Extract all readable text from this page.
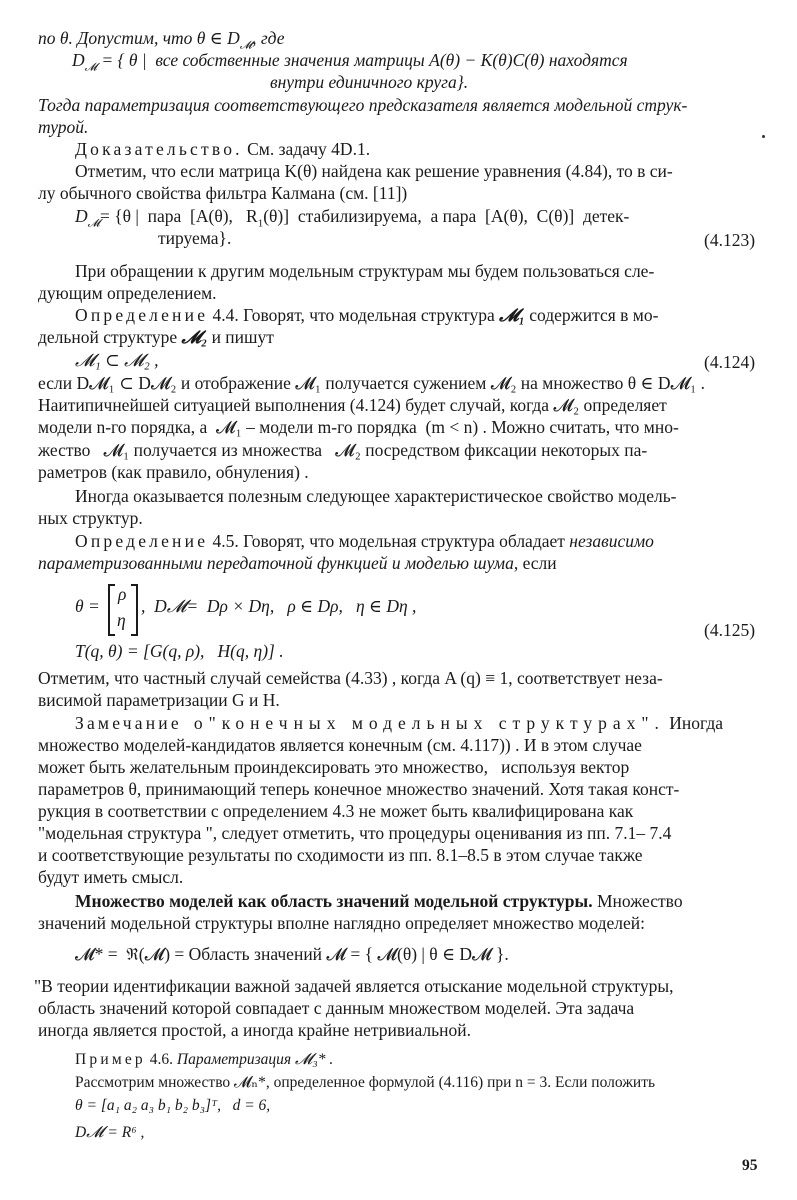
по θ. Допустим, что θ ∈ $D_𝓜$, где
$D_𝓜$ = { θ |  все собственные значения матрицы A(θ) − K(θ)C(θ) находятся
внутри единичного круга}.
Тогда параметризация соответствующего предсказателя является модельной струк-
турой.
Доказательство. См. задачу 4D.1.
Отметим, что если матрица K(θ) найдена как решение уравнения (4.84), то в си-
лу обычного свойства фильтра Калмана (см. [11])
$D_𝓜= \{\theta$ |  пара  [A(θ),   $R_1(\theta)$]  стабилизируема,  а пара  [A(θ),  C(θ)]  детек-
тируема}.	(4.123)
При обращении к другим модельным структурам мы будем пользоваться сле-
дующим определением.
Определение 4.4. Говорят, что модельная структура 𝓜₁ содержится в мо-
дельной структуре 𝓜₂ и пишут
𝓜₁ ⊂ 𝓜₂ ,	(4.124)
если D𝓜₁ ⊂ D𝓜₂ и отображение 𝓜₁ получается сужением 𝓜₂ на множество θ ∈ D𝓜₁ .
Наитипичнейшей ситуацией выполнения (4.124) будет случай, когда 𝓜₂ определяет
модели n-го порядка, а  𝓜₁ – модели m-го порядка  (m < n) . Можно считать, что мно-
жество   𝓜₁ получается из множества   𝓜₂ посредством фиксации некоторых па-
раметров (как правило, обнуления) .
Иногда оказывается полезным следующее характеристическое свойство модель-
ных структур.
Определение 4.5. Говорят, что модельная структура обладает независимо
параметризованными передаточной функцией и моделью шума, если
θ =
ρ
η
,  D𝓜=  Dρ × Dη,   ρ ∈ Dρ,   η ∈ Dη ,
(4.125)
T(q, θ) = [G(q, ρ),   H(q, η)] .
Отметим, что частный случай семейства (4.33) , когда A (q) ≡ 1, соответствует неза-
висимой параметризации G и H.
Замечание о"конечных модельных структурах". Иногда
множество моделей-кандидатов является конечным (см. 4.117)) . И в этом случае
может быть желательным проиндексировать это множество,   используя вектор
параметров θ, принимающий теперь конечное множество значений. Хотя такая конст-
рукция в соответствии с определением 4.3 не может быть квалифицирована как
"модельная структура ", следует отметить, что процедуры оценивания из пп. 7.1– 7.4
и соответствующие результаты по сходимости из пп. 8.1–8.5 в этом случае также
будут иметь смысл.
Множество моделей как область значений модельной структуры. Множество
значений модельной структуры вполне наглядно определяет множество моделей:
𝓜* =  ℜ(𝓜) = Область значений 𝓜 = { 𝓜(θ) | θ ∈ D𝓜 }.
"В теории идентификации важной задачей является отыскание модельной структуры,
область значений которой совпадает с данным множеством моделей. Эта задача
иногда является простой, а иногда крайне нетривиальной.
Пример 4.6. Параметризация 𝓜₃* .
Рассмотрим множество 𝓜ₙ*, определенное формулой (4.116) при n = 3. Если положить
θ = [a₁ a₂ a₃ b₁ b₂ b₃]ᵀ,   d = 6,
D𝓜 = R⁶ ,
95
